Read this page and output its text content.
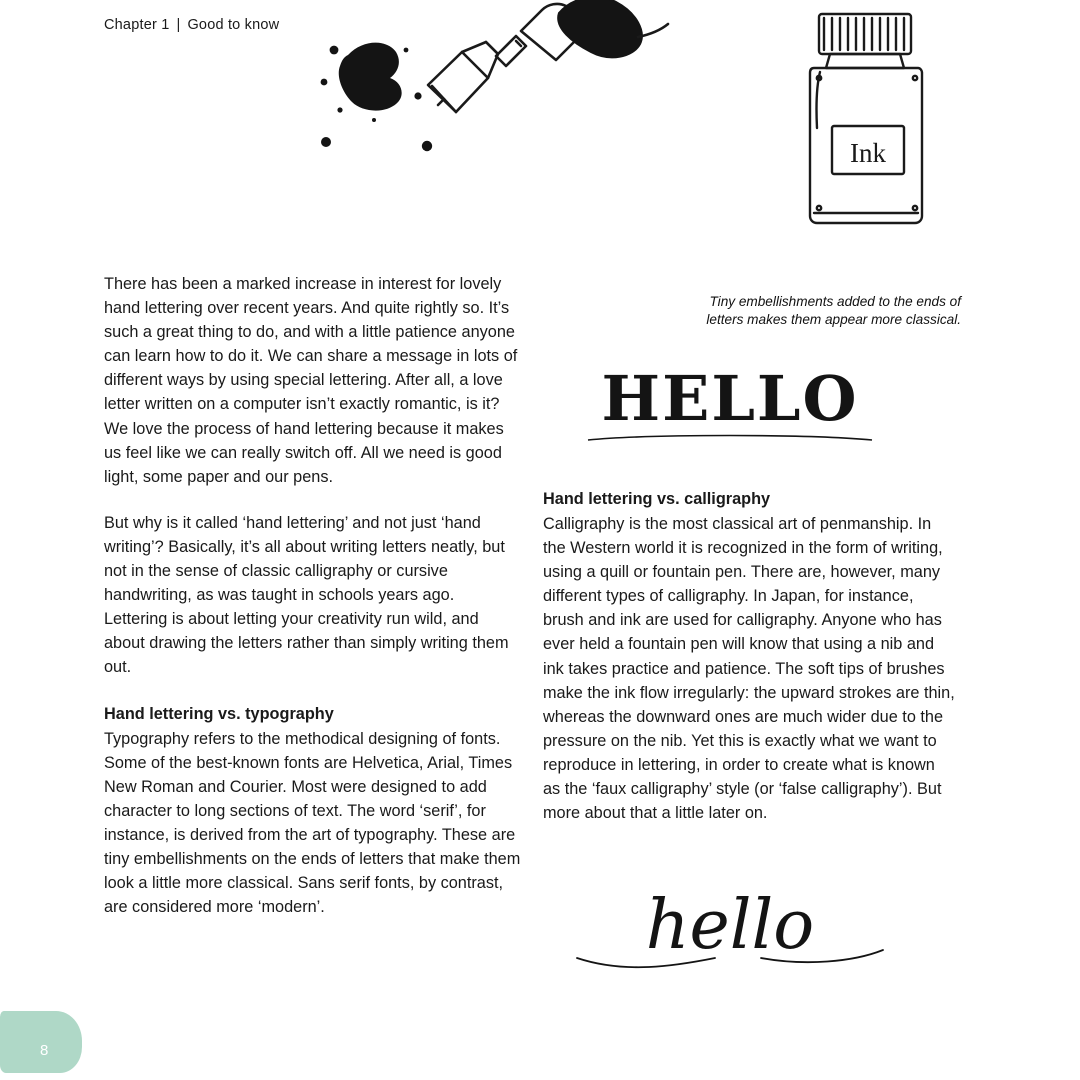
Chapter 1 | Good to know
Ink

There has been a marked increase in interest for lovely hand lettering over recent years. And quite rightly so. It’s such a great thing to do, and with a little patience anyone can learn how to do it. We can share a message in lots of different ways by using special lettering. After all, a love letter written on a computer isn’t exactly romantic, is it? We love the process of hand lettering because it makes us feel like we can really switch off. All we need is good light, some paper and our pens.

But why is it called ‘hand lettering’ and not just ‘hand writing’? Basically, it’s all about writing letters neatly, but not in the sense of classic calligraphy or cursive handwriting, as was taught in schools years ago. Lettering is about letting your creativity run wild, and about drawing the letters rather than simply writing them out.

Hand lettering vs. typography

Typography refers to the methodical designing of fonts. Some of the best-known fonts are Helvetica, Arial, Times New Roman and Courier. Most were designed to add character to long sections of text. The word ‘serif’, for instance, is derived from the art of typography. These are tiny embellishments on the ends of letters that make them look a little more classical. Sans serif fonts, by contrast, are considered more ‘modern’.

Tiny embellishments added to the ends of letters makes them appear more classical.
HELLO
Hand lettering vs. calligraphy

Calligraphy is the most classical art of penmanship. In the Western world it is recognized in the form of writing, using a quill or fountain pen. There are, however, many different types of calligraphy. In Japan, for instance, brush and ink are used for calligraphy. Anyone who has ever held a fountain pen will know that using a nib and ink takes practice and patience. The soft tips of brushes make the ink flow irregularly: the upward strokes are thin, whereas the downward ones are much wider due to the pressure on the nib. Yet this is exactly what we want to reproduce in lettering, in order to create what is known as the ‘faux calligraphy’ style (or ‘false calligraphy’). But more about that a little later on.

hello
8
